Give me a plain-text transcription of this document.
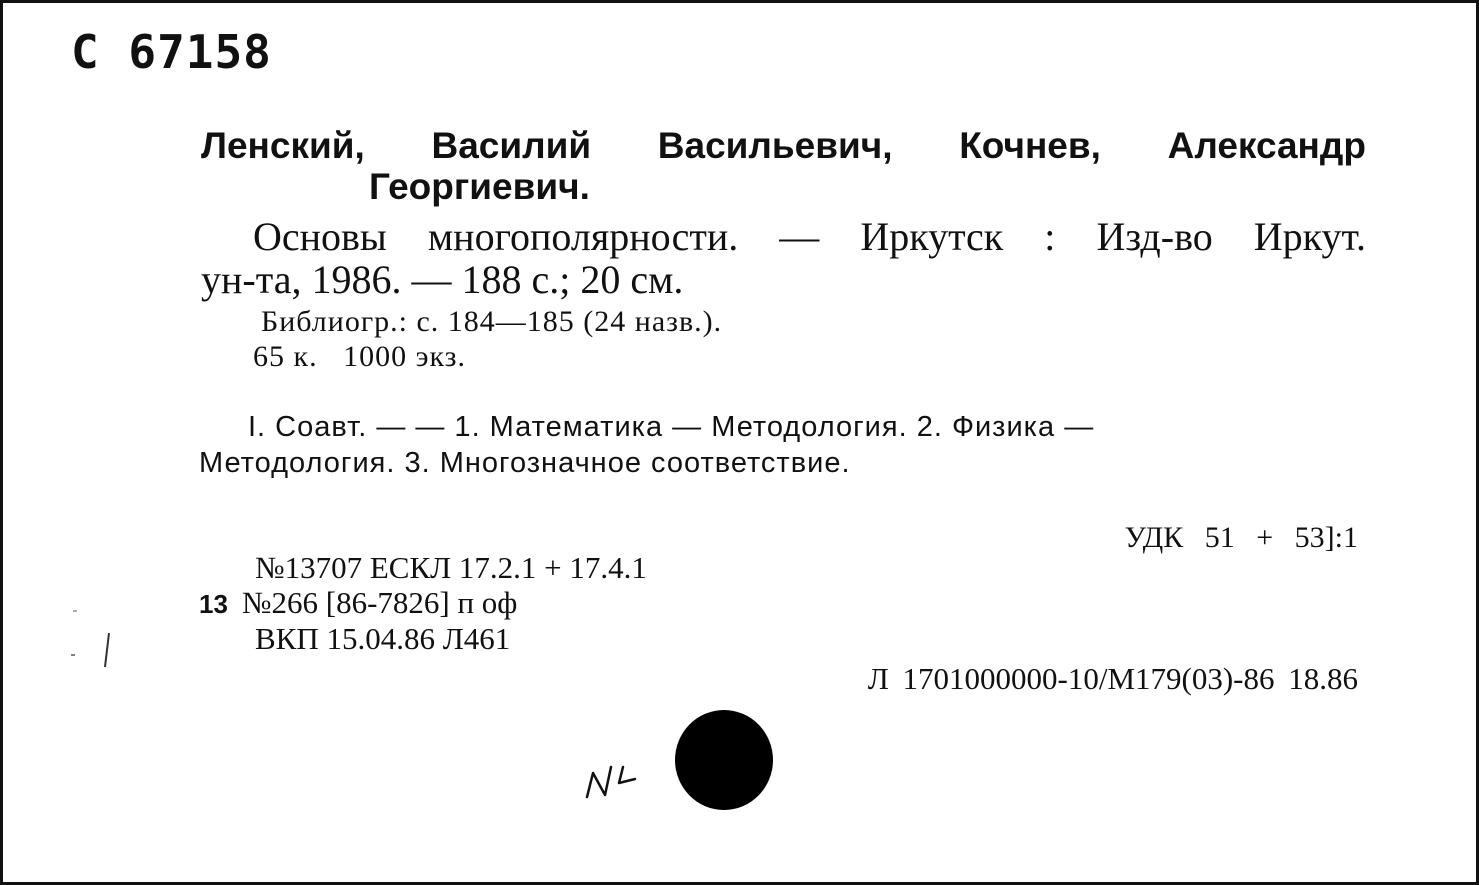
С 67158
Ленский, Василий Васильевич, Кочнев, Александр
Георгиевич.
Основы многополярности. — Иркутск : Изд-во Иркут.
ун-та, 1986. — 188 с.; 20 см.
Библиогр.: с. 184—185 (24 назв.).
65 к.   1000 экз.
I. Соавт. — — 1. Математика — Методология. 2. Физика —
Методология. 3. Многозначное соответствие.
УДК 51 + 53]:1
№13707 ЕСКЛ 17.2.1 + 17.4.1
13 №266 [86-7826] п оф
ВКП 15.04.86 Л461
Л 1701000000-10/М179(03)-86 18.86
